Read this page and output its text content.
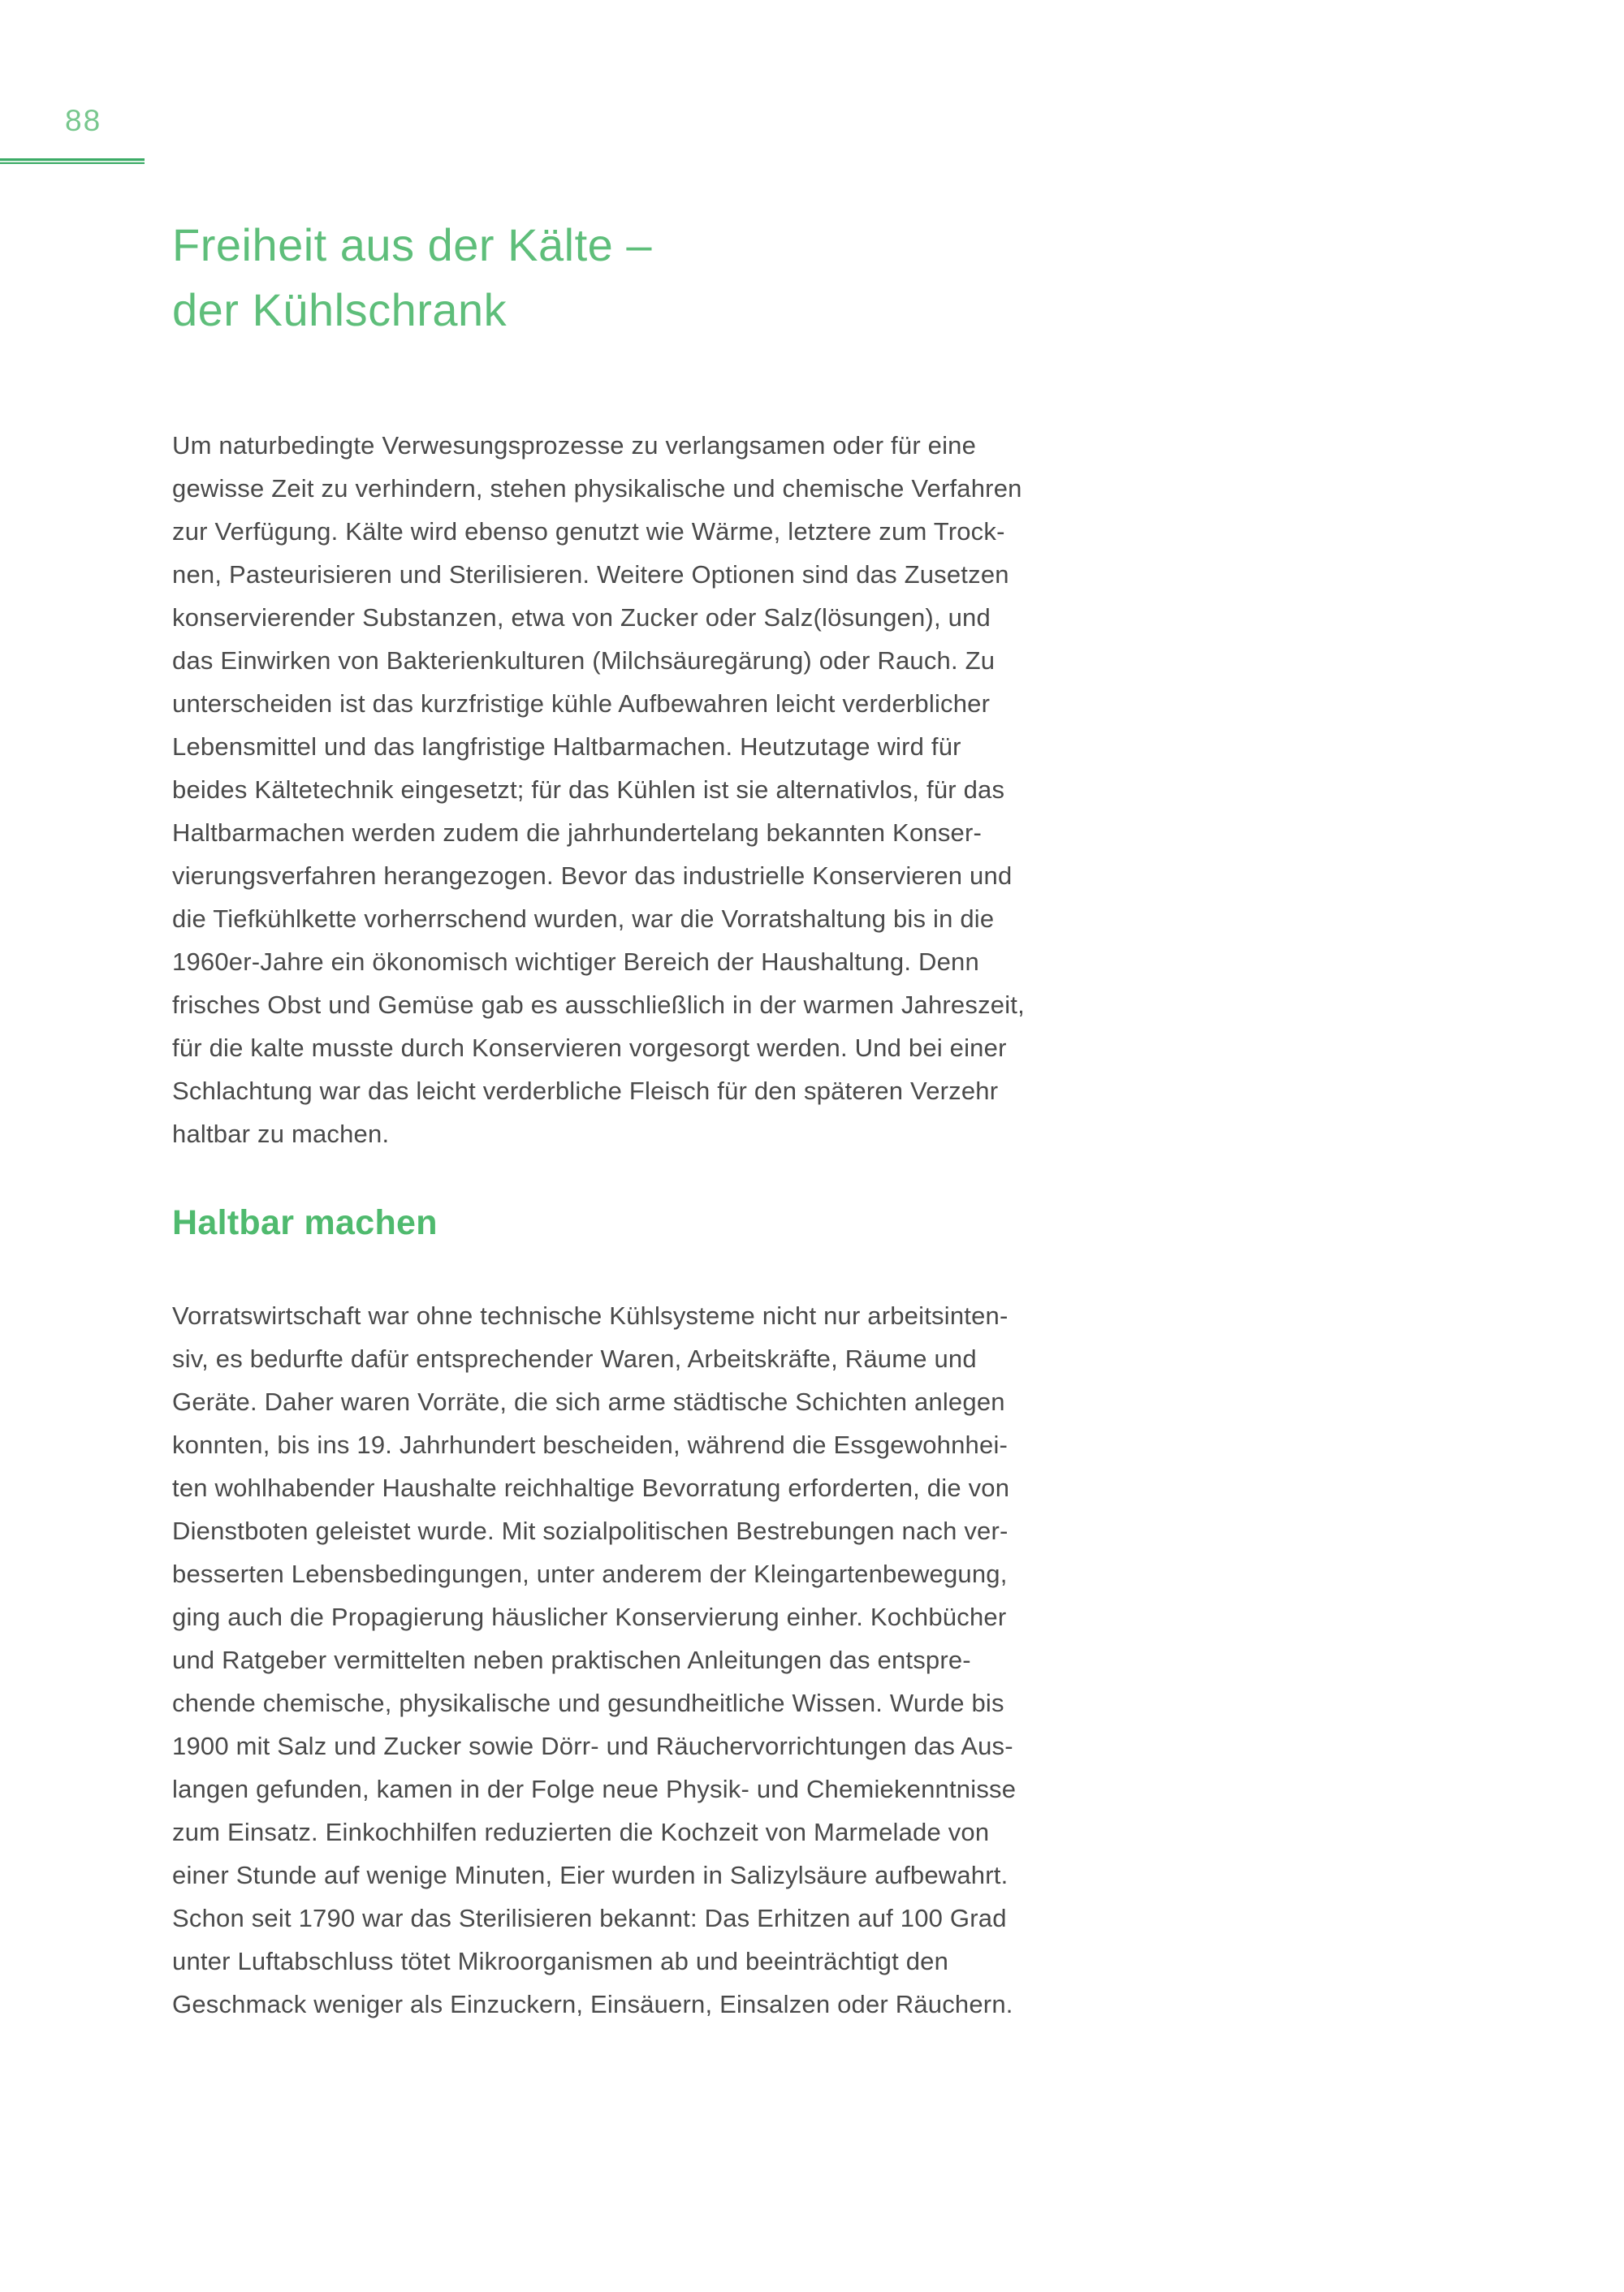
88
Freiheit aus der Kälte –
der Kühlschrank
Um naturbedingte Verwesungsprozesse zu verlangsamen oder für eine
gewisse Zeit zu verhindern, stehen physikalische und chemische Verfahren
zur Verfügung. Kälte wird ebenso genutzt wie Wärme, letztere zum Trock-
nen, Pasteurisieren und Sterilisieren. Weitere Optionen sind das Zusetzen
konservierender Substanzen, etwa von Zucker oder Salz(lösungen), und
das Einwirken von Bakterienkulturen (Milchsäuregärung) oder Rauch. Zu
unterscheiden ist das kurzfristige kühle Aufbewahren leicht verderblicher
Lebensmittel und das langfristige Haltbarmachen. Heutzutage wird für
beides Kältetechnik eingesetzt; für das Kühlen ist sie alternativlos, für das
Haltbarmachen werden zudem die jahrhundertelang bekannten Konser-
vierungsverfahren herangezogen. Bevor das industrielle Konservieren und
die Tiefkühlkette vorherrschend wurden, war die Vorratshaltung bis in die
1960er-Jahre ein ökonomisch wichtiger Bereich der Haushaltung. Denn
frisches Obst und Gemüse gab es ausschließlich in der warmen Jahreszeit,
für die kalte musste durch Konservieren vorgesorgt werden. Und bei einer
Schlachtung war das leicht verderbliche Fleisch für den späteren Verzehr
haltbar zu machen.
Haltbar machen
Vorratswirtschaft war ohne technische Kühlsysteme nicht nur arbeitsinten-
siv, es bedurfte dafür entsprechender Waren, Arbeitskräfte, Räume und
Geräte. Daher waren Vorräte, die sich arme städtische Schichten anlegen
konnten, bis ins 19. Jahrhundert bescheiden, während die Essgewohnhei-
ten wohlhabender Haushalte reichhaltige Bevorratung erforderten, die von
Dienstboten geleistet wurde. Mit sozialpolitischen Bestrebungen nach ver-
besserten Lebensbedingungen, unter anderem der Kleingartenbewegung,
ging auch die Propagierung häuslicher Konservierung einher. Kochbücher
und Ratgeber vermittelten neben praktischen Anleitungen das entspre-
chende chemische, physikalische und gesundheitliche Wissen. Wurde bis
1900 mit Salz und Zucker sowie Dörr- und Räuchervorrichtungen das Aus-
langen gefunden, kamen in der Folge neue Physik- und Chemiekenntnisse
zum Einsatz. Einkochhilfen reduzierten die Kochzeit von Marmelade von
einer Stunde auf wenige Minuten, Eier wurden in Salizylsäure aufbewahrt.
Schon seit 1790 war das Sterilisieren bekannt: Das Erhitzen auf 100 Grad
unter Luftabschluss tötet Mikroorganismen ab und beeinträchtigt den
Geschmack weniger als Einzuckern, Einsäuern, Einsalzen oder Räuchern.
